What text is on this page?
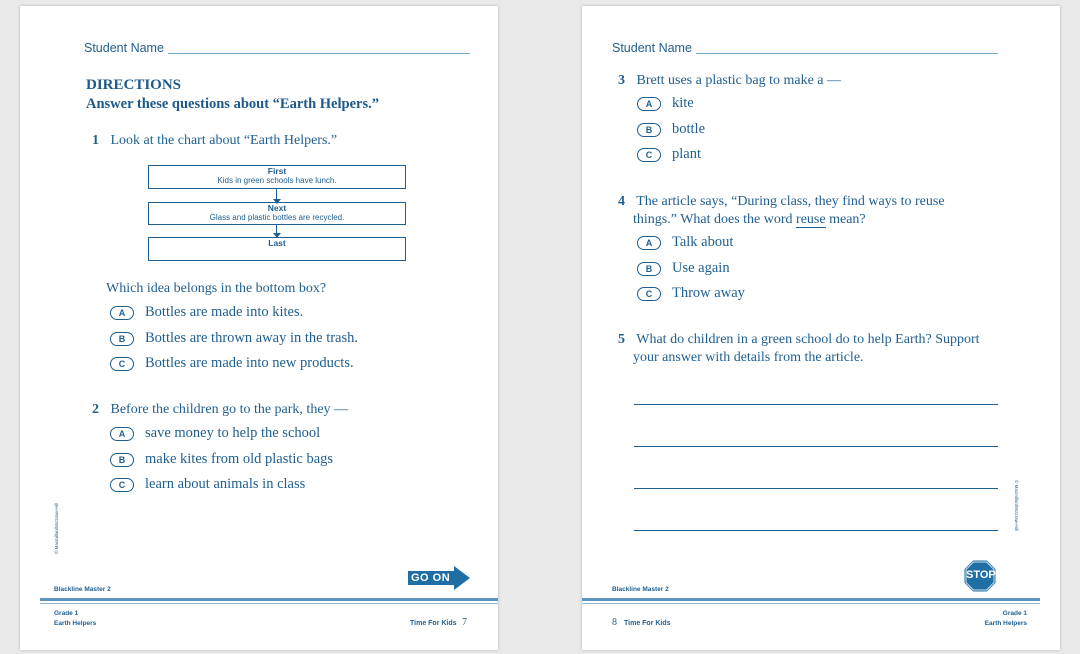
Student Name
DIRECTIONS
Answer these questions about “Earth Helpers.”
1 Look at the chart about “Earth Helpers.”
First
Kids in green schools have lunch.
Next
Glass and plastic bottles are recycled.
Last
Which idea belongs in the bottom box?
A	Bottles are made into kites.
B	Bottles are thrown away in the trash.
C	Bottles are made into new products.
2 Before the children go to the park, they —
A	save money to help the school
B	make kites from old plastic bags
C	learn about animals in class
© Macmillan/McGraw-Hill
GO ON
Blackline Master 2
Grade 1
Earth Helpers	Time For Kids 7
Student Name
3 Brett uses a plastic bag to make a —
A	kite
B	bottle
C	plant
4 The article says, “During class, they find ways to reuse
things.” What does the word reuse mean?
A	Talk about
B	Use again
C	Throw away
5 What do children in a green school do to help Earth? Support
your answer with details from the article.
© Macmillan/McGraw-Hill
STOP
Blackline Master 2
8 Time For Kids
Grade 1
Earth Helpers
